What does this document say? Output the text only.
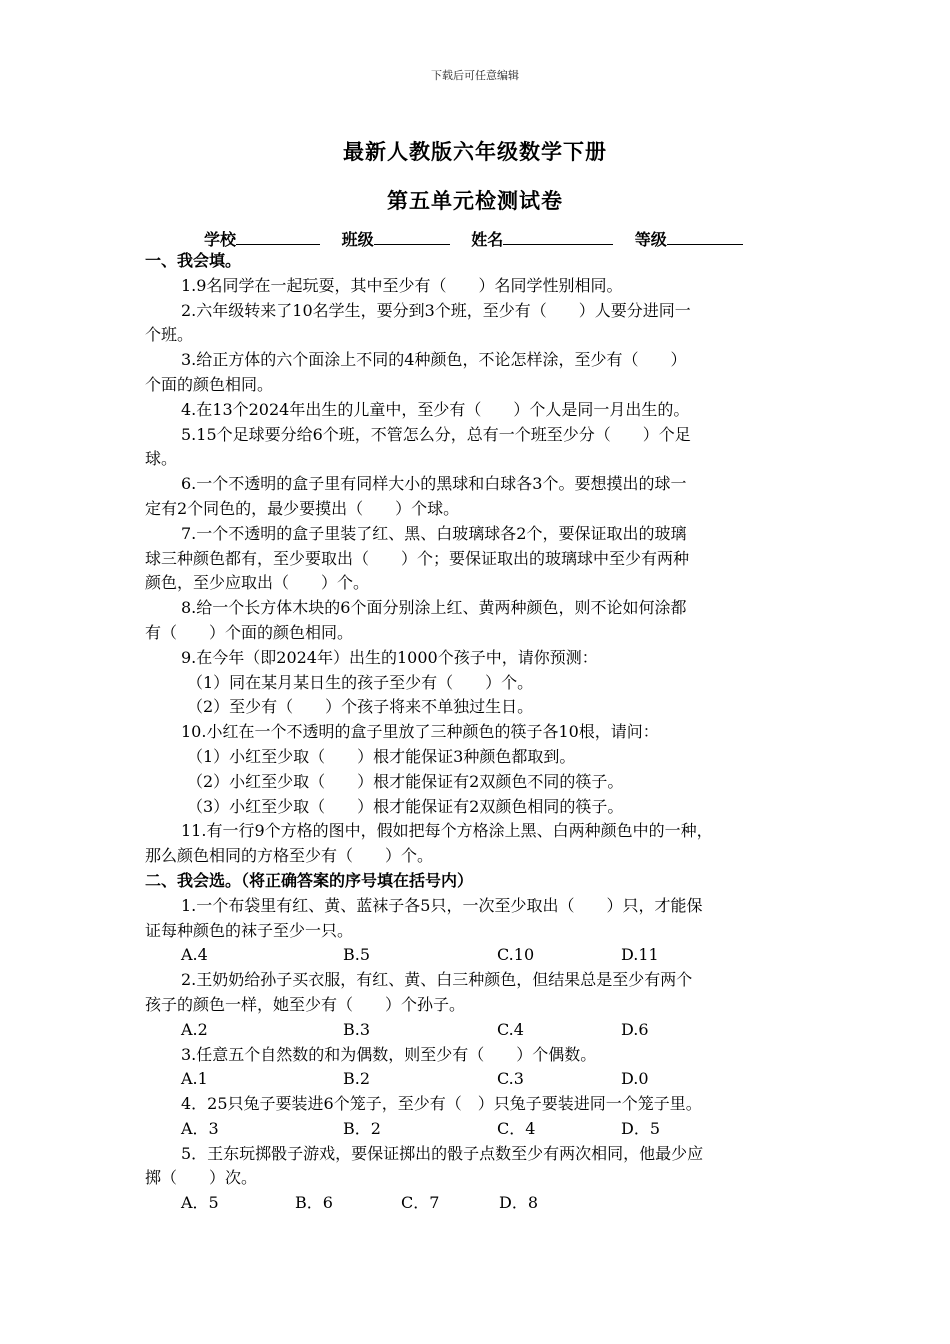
下载后可任意编辑
最新人教版六年级数学下册
第五单元检测试卷
学校	班级	姓名	等级
一、我会填。
1.9名同学在一起玩耍，其中至少有（　　）名同学性别相同。
2.六年级转来了10名学生，要分到3个班，至少有（　　）人要分进同一
个班。
3.给正方体的六个面涂上不同的4种颜色，不论怎样涂，至少有（　　）
个面的颜色相同。
4.在13个2024年出生的儿童中，至少有（　　）个人是同一月出生的。
5.15个足球要分给6个班，不管怎么分，总有一个班至少分（　　）个足
球。
6.一个不透明的盒子里有同样大小的黑球和白球各3个。要想摸出的球一
定有2个同色的，最少要摸出（　　）个球。
7.一个不透明的盒子里装了红、黑、白玻璃球各2个，要保证取出的玻璃
球三种颜色都有，至少要取出（　　）个；要保证取出的玻璃球中至少有两种
颜色，至少应取出（　　）个。
8.给一个长方体木块的6个面分别涂上红、黄两种颜色，则不论如何涂都
有（　　）个面的颜色相同。
9.在今年（即2024年）出生的1000个孩子中，请你预测：
（1）同在某月某日生的孩子至少有（　　）个。
（2）至少有（　　）个孩子将来不单独过生日。
10.小红在一个不透明的盒子里放了三种颜色的筷子各10根，请问：
（1）小红至少取（　　）根才能保证3种颜色都取到。
（2）小红至少取（　　）根才能保证有2双颜色不同的筷子。
（3）小红至少取（　　）根才能保证有2双颜色相同的筷子。
11.有一行9个方格的图中，假如把每个方格涂上黑、白两种颜色中的一种，
那么颜色相同的方格至少有（　　）个。
二、我会选。（将正确答案的序号填在括号内）
1.一个布袋里有红、黄、蓝袜子各5只，一次至少取出（　　）只，才能保
证每种颜色的袜子至少一只。
A.4	B.5	C.10	D.11
2.王奶奶给孙子买衣服，有红、黄、白三种颜色，但结果总是至少有两个
孩子的颜色一样，她至少有（　　）个孙子。
A.2	B.3	C.4	D.6
3.任意五个自然数的和为偶数，则至少有（　　）个偶数。
A.1	B.2	C.3	D.0
4．25只兔子要装进6个笼子，至少有（　）只兔子要装进同一个笼子里。
A．3	B．2	C．4	D．5
5．王东玩掷骰子游戏，要保证掷出的骰子点数至少有两次相同，他最少应
掷（　　）次。
A．5	B．6	C．7	D．8
